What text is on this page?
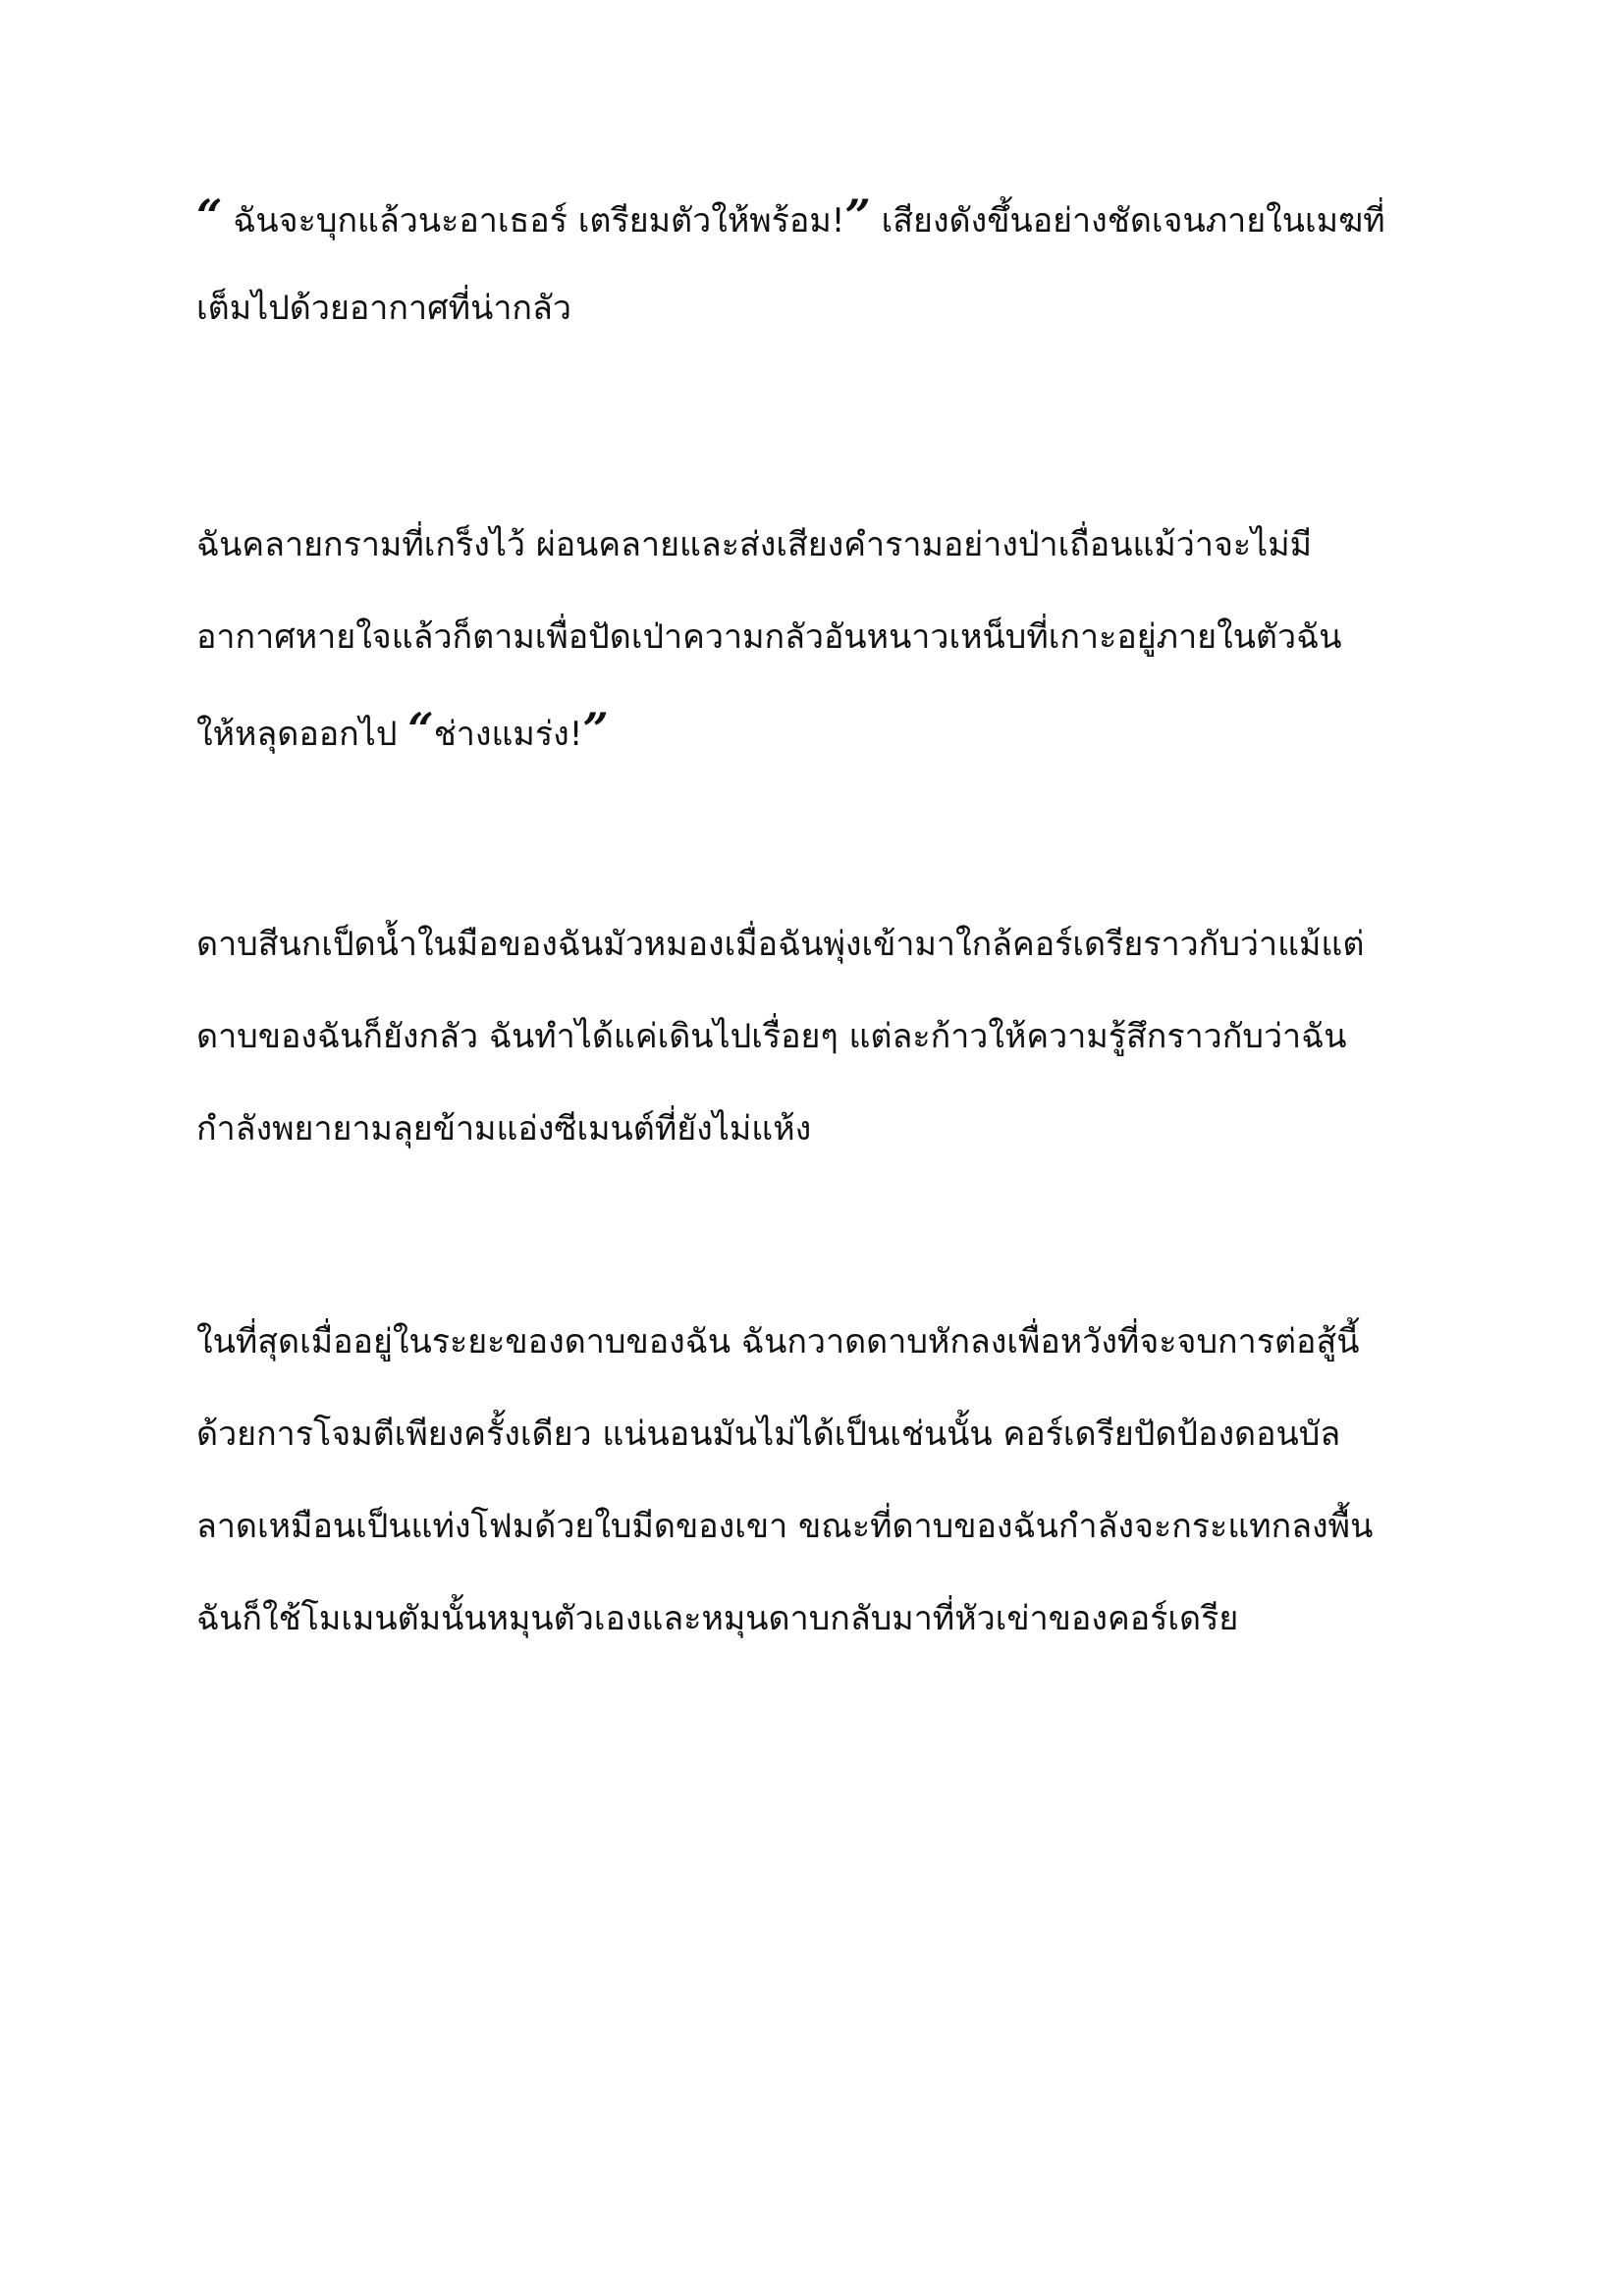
“ ฉันจะบุกแล้วนะอาเธอร์ เตรียมตัวให้พร้อม!” เสียงดังขึ้นอย่างชัดเจนภายในเมฆที่
เต็มไปด้วยอากาศที่น่ากลัว
ฉันคลายกรามที่เกร็งไว้ ผ่อนคลายและส่งเสียงคำรามอย่างป่าเถื่อนแม้ว่าจะไม่มี
อากาศหายใจแล้วก็ตามเพื่อปัดเป่าความกลัวอันหนาวเหน็บที่เกาะอยู่ภายในตัวฉัน
ให้หลุดออกไป “ช่างแมร่ง!”
ดาบสีนกเป็ดน้ำในมือของฉันมัวหมองเมื่อฉันพุ่งเข้ามาใกล้คอร์เดรียราวกับว่าแม้แต่
ดาบของฉันก็ยังกลัว ฉันทำได้แค่เดินไปเรื่อยๆ แต่ละก้าวให้ความรู้สึกราวกับว่าฉัน
กำลังพยายามลุยข้ามแอ่งซีเมนต์ที่ยังไม่แห้ง
ในที่สุดเมื่ออยู่ในระยะของดาบของฉัน ฉันกวาดดาบหักลงเพื่อหวังที่จะจบการต่อสู้นี้
ด้วยการโจมตีเพียงครั้งเดียว แน่นอนมันไม่ได้เป็นเช่นนั้น คอร์เดรียปัดป้องดอนบัล
ลาดเหมือนเป็นแท่งโฟมด้วยใบมีดของเขา ขณะที่ดาบของฉันกำลังจะกระแทกลงพื้น
ฉันก็ใช้โมเมนตัมนั้นหมุนตัวเองและหมุนดาบกลับมาที่หัวเข่าของคอร์เดรีย
